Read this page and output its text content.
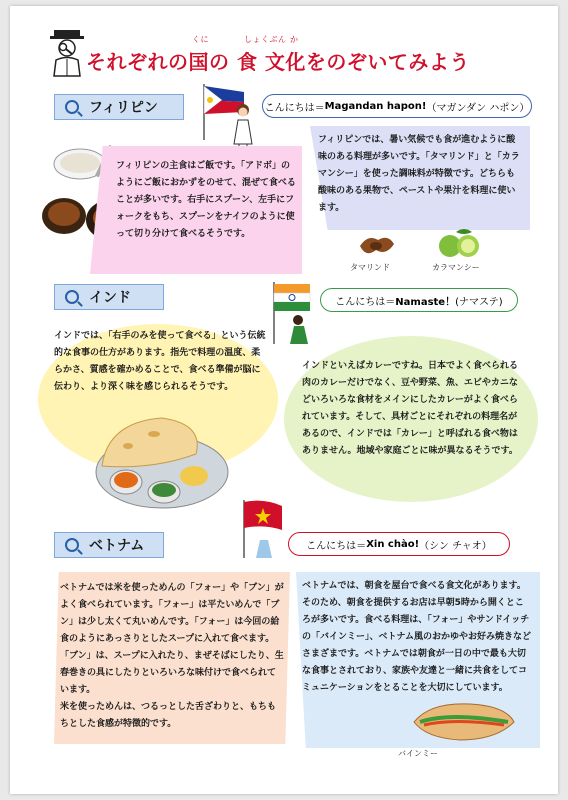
それぞれの国の 食 文化をのぞいてみよう
くに	しょくぶん か
フィリピン	こんにちは＝ Magandan hapon! （マガンダン ハポン）
フィリピンの主食はご飯です。「アドボ」のようにご飯におかずをのせて、混ぜて食べることが多いです。右手にスプーン、左手にフォークをもち、スプーンをナイフのように使って切り分けて食べるそうです。
フィリピンでは、暑い気候でも食が進むように酸味のある料理が多いです。「タマリンド」と「カラマンシー」を使った調味料が特徴です。どちらも酸味のある果物で、ペーストや果汁を料理に使います。
タマリンド	カラマンシー
インド	こんにちは＝ Namaste！ (ナマステ)
インドでは、「右手のみを使って食べる」という伝統的な食事の仕方があります。指先で料理の温度、柔らかさ、質感を確かめることで、食べる準備が脳に伝わり、より深く味を感じられるそうです。
インドといえばカレーですね。日本でよく食べられる肉のカレーだけでなく、豆や野菜、魚、エビやカニなどいろいろな食材をメインにしたカレーがよく食べられています。そして、具材ごとにそれぞれの料理名があるので、インドでは「カレー」と呼ばれる食べ物はありません。地域や家庭ごとに味が異なるそうです。
ベトナム	こんにちは＝ Xin chào! （シン チャオ）
ベトナムでは米を使っためんの「フォー」や「ブン」がよく食べられています。「フォー」は平たいめんで「ブン」は少し太くて丸いめんです。「フォー」は今回の給食のようにあっさりとしたスープに入れて食べます。「ブン」は、スープに入れたり、まぜそばにしたり、生春巻きの具にしたりといろいろな味付けで食べられています。
米を使っためんは、つるっとした舌ざわりと、もちもちとした食感が特徴的です。
ベトナムでは、朝食を屋台で食べる食文化があります。そのため、朝食を提供するお店は早朝5時から開くところが多いです。食べる料理は、「フォー」やサンドイッチの「バインミー」、ベトナム風のおかゆやお好み焼きなどさまざまです。ベトナムでは朝食が一日の中で最も大切な食事とされており、家族や友達と一緒に共食をしてコミュニケーションをとることを大切にしています。
バインミー
